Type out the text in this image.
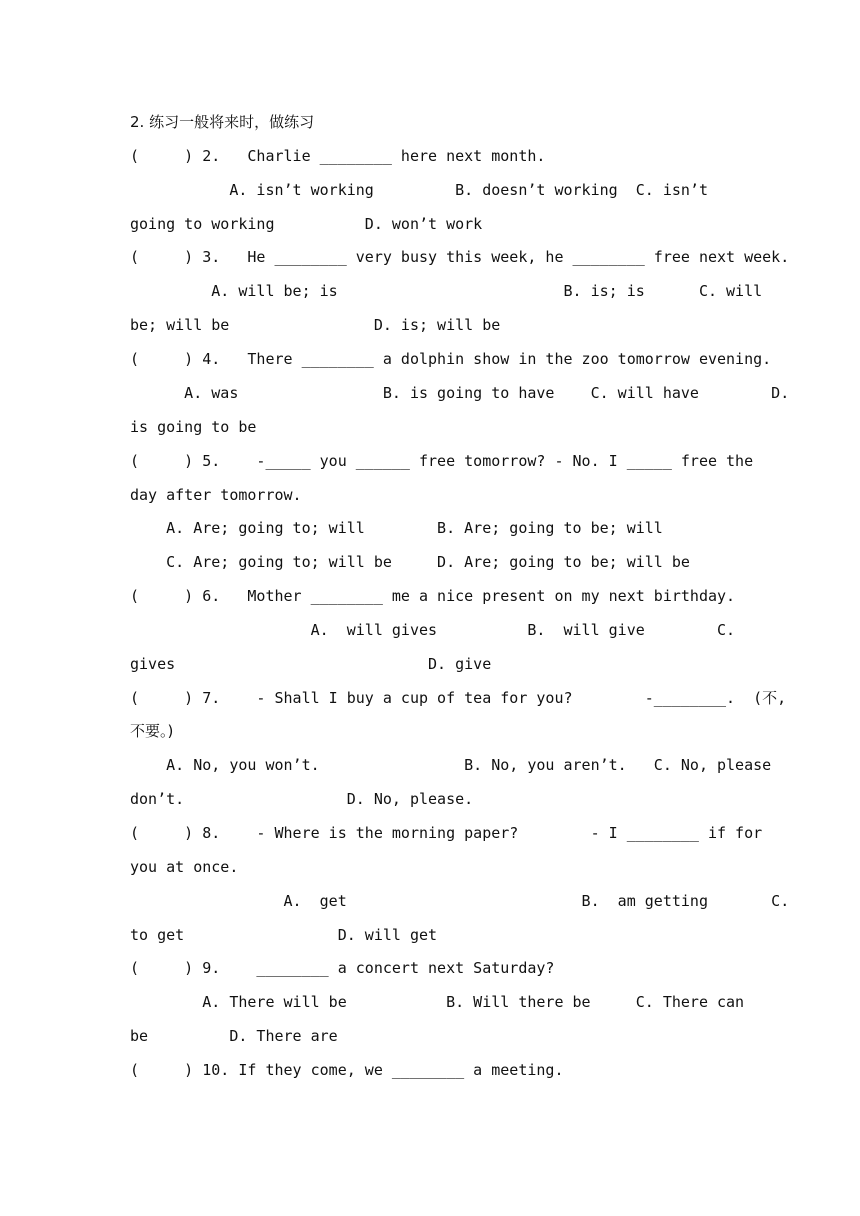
2. 练习一般将来时，做练习
(     ) 2.   Charlie ________ here next month.
A. isn’t working         B. doesn’t working  C. isn’t
going to working          D. won’t work
(     ) 3.   He ________ very busy this week, he ________ free next week.
A. will be; is                         B. is; is      C. will
be; will be                D. is; will be
(     ) 4.   There ________ a dolphin show in the zoo tomorrow evening.
A. was                B. is going to have    C. will have        D.
is going to be
(     ) 5.    -_____ you ______ free tomorrow? - No. I _____ free the
day after tomorrow.
A. Are; going to; will        B. Are; going to be; will
C. Are; going to; will be     D. Are; going to be; will be
(     ) 6.   Mother ________ me a nice present on my next birthday.
A.  will gives          B.  will give        C.
gives                            D. give
(     ) 7.    - Shall I buy a cup of tea for you?        -________.  (不,
不要。)
A. No, you won’t.                B. No, you aren’t.   C. No, please
don’t.                  D. No, please.
(     ) 8.    - Where is the morning paper?        - I ________ if for
you at once.
A.  get                          B.  am getting       C.
to get                 D. will get
(     ) 9.    ________ a concert next Saturday?
A. There will be           B. Will there be     C. There can
be         D. There are
(     ) 10. If they come, we ________ a meeting.
